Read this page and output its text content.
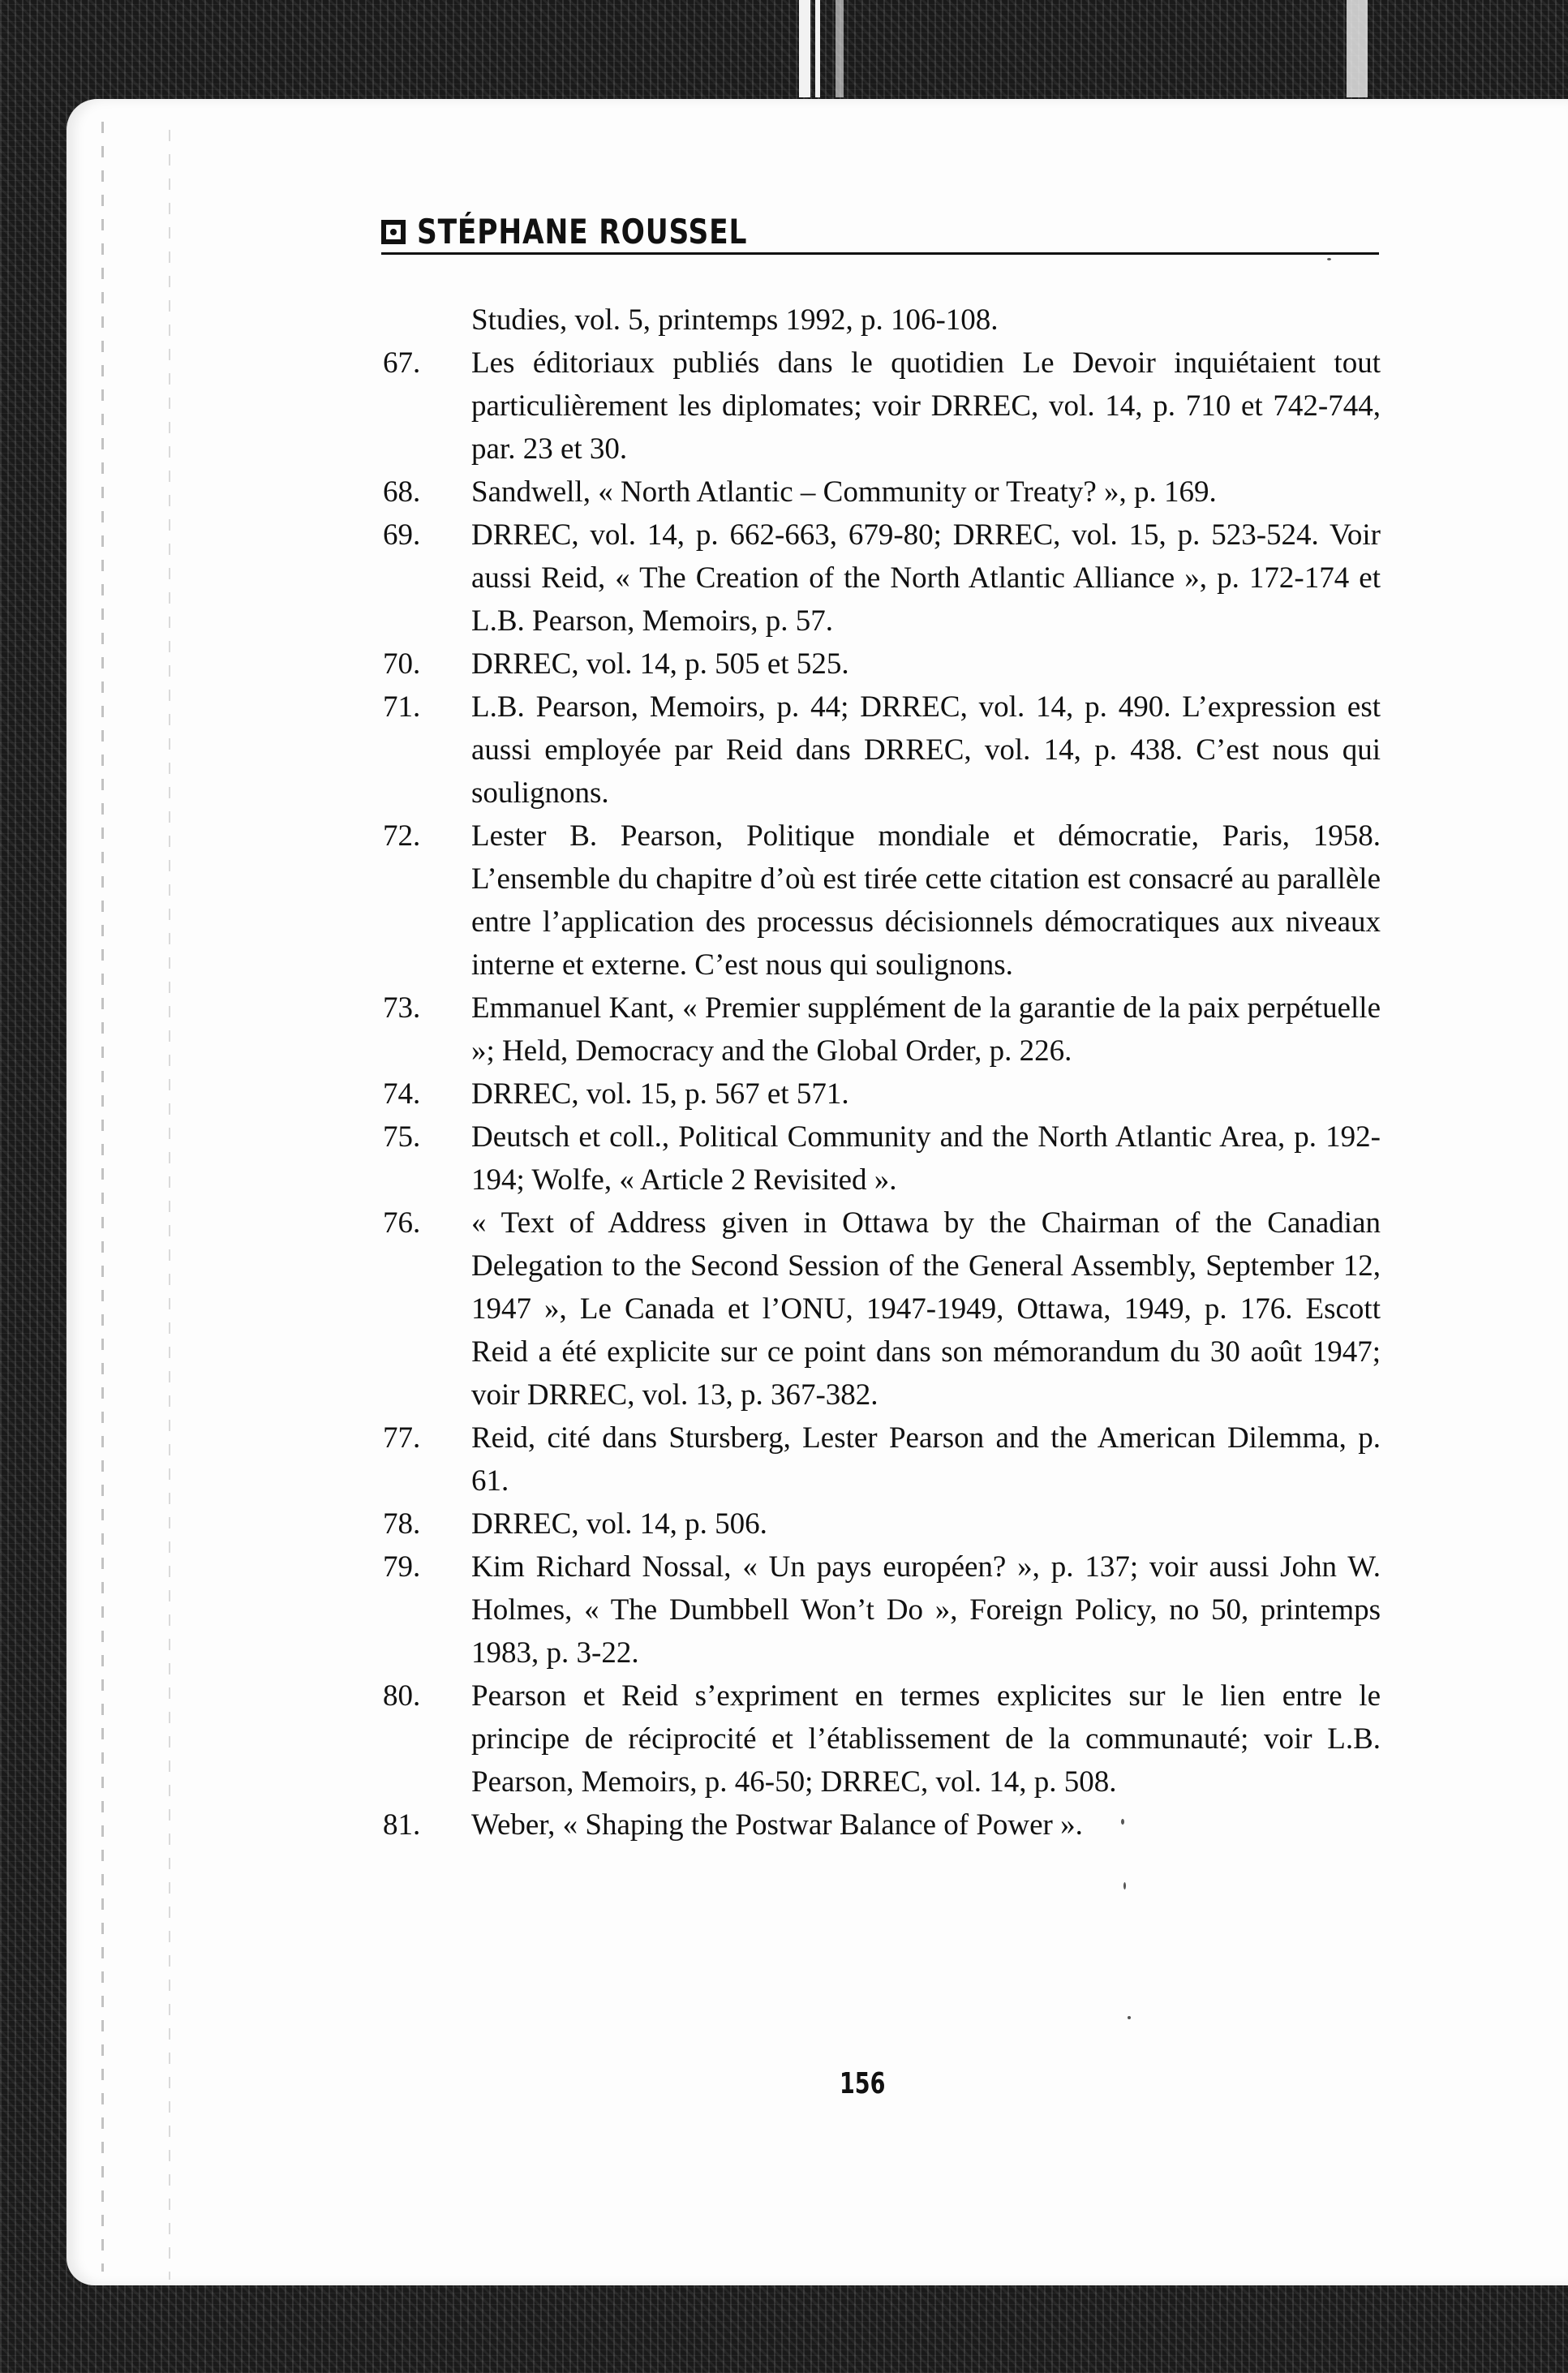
STÉPHANE ROUSSEL
Studies, vol. 5, printemps 1992, p. 106-108.
67.	Les éditoriaux publiés dans le quotidien Le Devoir inquiétaient tout particulièrement les diplomates; voir DRREC, vol. 14, p. 710 et 742-744, par. 23 et 30.
68.	Sandwell, « North Atlantic – Community or Treaty? », p. 169.
69.	DRREC, vol. 14, p. 662-663, 679-80; DRREC, vol. 15, p. 523-524. Voir aussi Reid, « The Creation of the North Atlantic Alliance », p. 172-174 et L.B. Pearson, Memoirs, p. 57.
70.	DRREC, vol. 14, p. 505 et 525.
71.	L.B. Pearson, Memoirs, p. 44; DRREC, vol. 14, p. 490. L’expression est aussi employée par Reid dans DRREC, vol. 14, p. 438. C’est nous qui soulignons.
72.	Lester B. Pearson, Politique mondiale et démocratie, Paris, 1958. L’ensemble du chapitre d’où est tirée cette citation est consacré au parallèle entre l’application des processus décisionnels démocratiques aux niveaux interne et externe. C’est nous qui soulignons.
73.	Emmanuel Kant, « Premier supplément de la garantie de la paix perpétuelle »; Held, Democracy and the Global Order, p. 226.
74.	DRREC, vol. 15, p. 567 et 571.
75.	Deutsch et coll., Political Community and the North Atlantic Area, p. 192-194; Wolfe, « Article 2 Revisited ».
76.	« Text of Address given in Ottawa by the Chairman of the Canadian Delegation to the Second Session of the General Assembly, September 12, 1947 », Le Canada et l’ONU, 1947-1949, Ottawa, 1949, p. 176. Escott Reid a été explicite sur ce point dans son mémorandum du 30 août 1947; voir DRREC, vol. 13, p. 367-382.
77.	Reid, cité dans Stursberg, Lester Pearson and the American Dilemma, p. 61.
78.	DRREC, vol. 14, p. 506.
79.	Kim Richard Nossal, « Un pays européen? », p. 137; voir aussi John W. Holmes, « The Dumbbell Won’t Do », Foreign Policy, no 50, printemps 1983, p. 3-22.
80.	Pearson et Reid s’expriment en termes explicites sur le lien entre le principe de réciprocité et l’établissement de la communauté; voir L.B. Pearson, Memoirs, p. 46-50; DRREC, vol. 14, p. 508.
81.	Weber, « Shaping the Postwar Balance of Power ».
156
